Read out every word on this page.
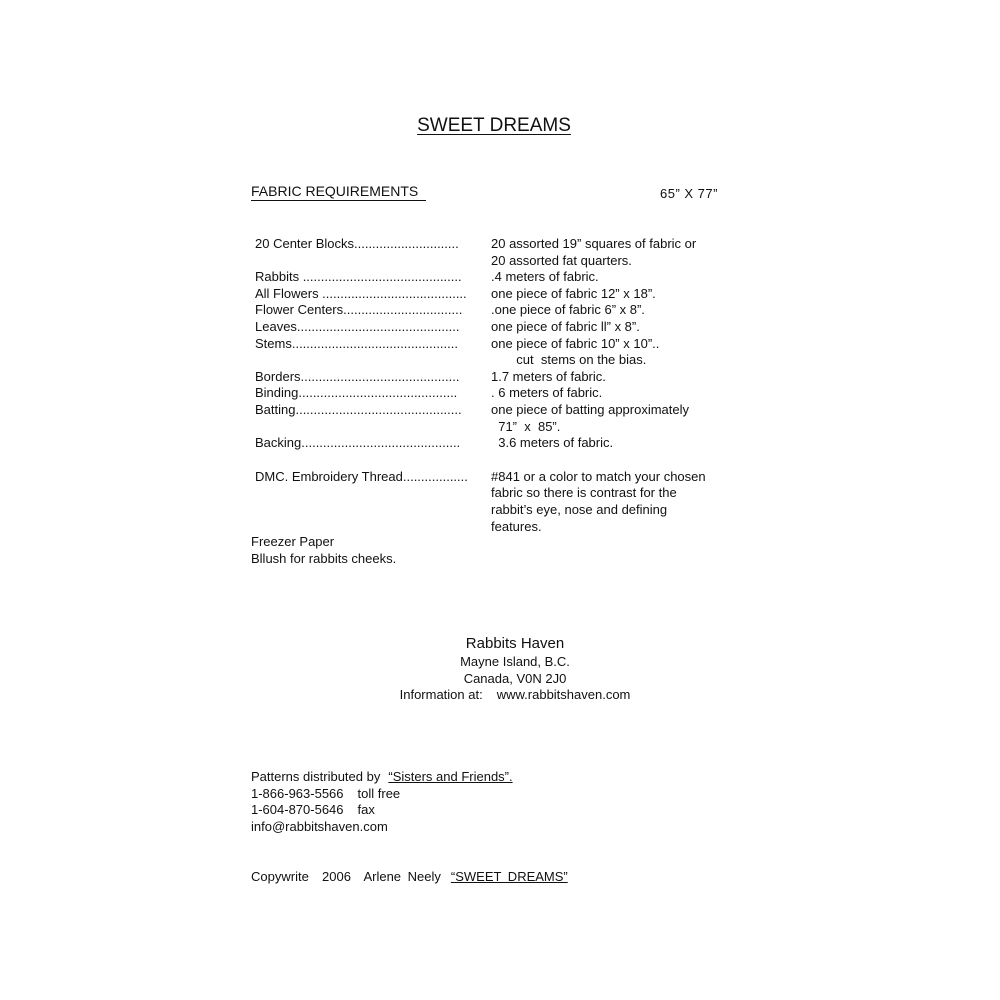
SWEET DREAMS
FABRIC REQUIREMENTS	65” X 77”
20 Center Blocks.............................	20 assorted 19” squares of fabric or
20 assorted fat quarters.
Rabbits ............................................	.4 meters of fabric.
All Flowers ........................................	one piece of fabric 12” x 18”.
Flower Centers.................................	.one piece of fabric 6” x 8”.
Leaves.............................................	one piece of fabric ll” x 8”.
Stems..............................................	one piece of fabric 10” x 10”..
cut  stems on the bias.
Borders............................................	1.7 meters of fabric.
Binding............................................	. 6 meters of fabric.
Batting..............................................	one piece of batting approximately
71”  x  85”.
Backing............................................	3.6 meters of fabric.
DMC. Embroidery Thread..................	#841 or a color to match your chosen
fabric so there is contrast for the
rabbit’s eye, nose and defining
features.
Freezer Paper
Bllush for rabbits cheeks.
Rabbits Haven
Mayne Island, B.C.
Canada, V0N 2J0
Information at: www.rabbitshaven.com
Patterns distributed by “Sisters and Friends”.
1-866-963-5566 toll free
1-604-870-5646 fax
info@rabbitshaven.com
Copywrite  2006  Arlene Neely “SWEET DREAMS”
